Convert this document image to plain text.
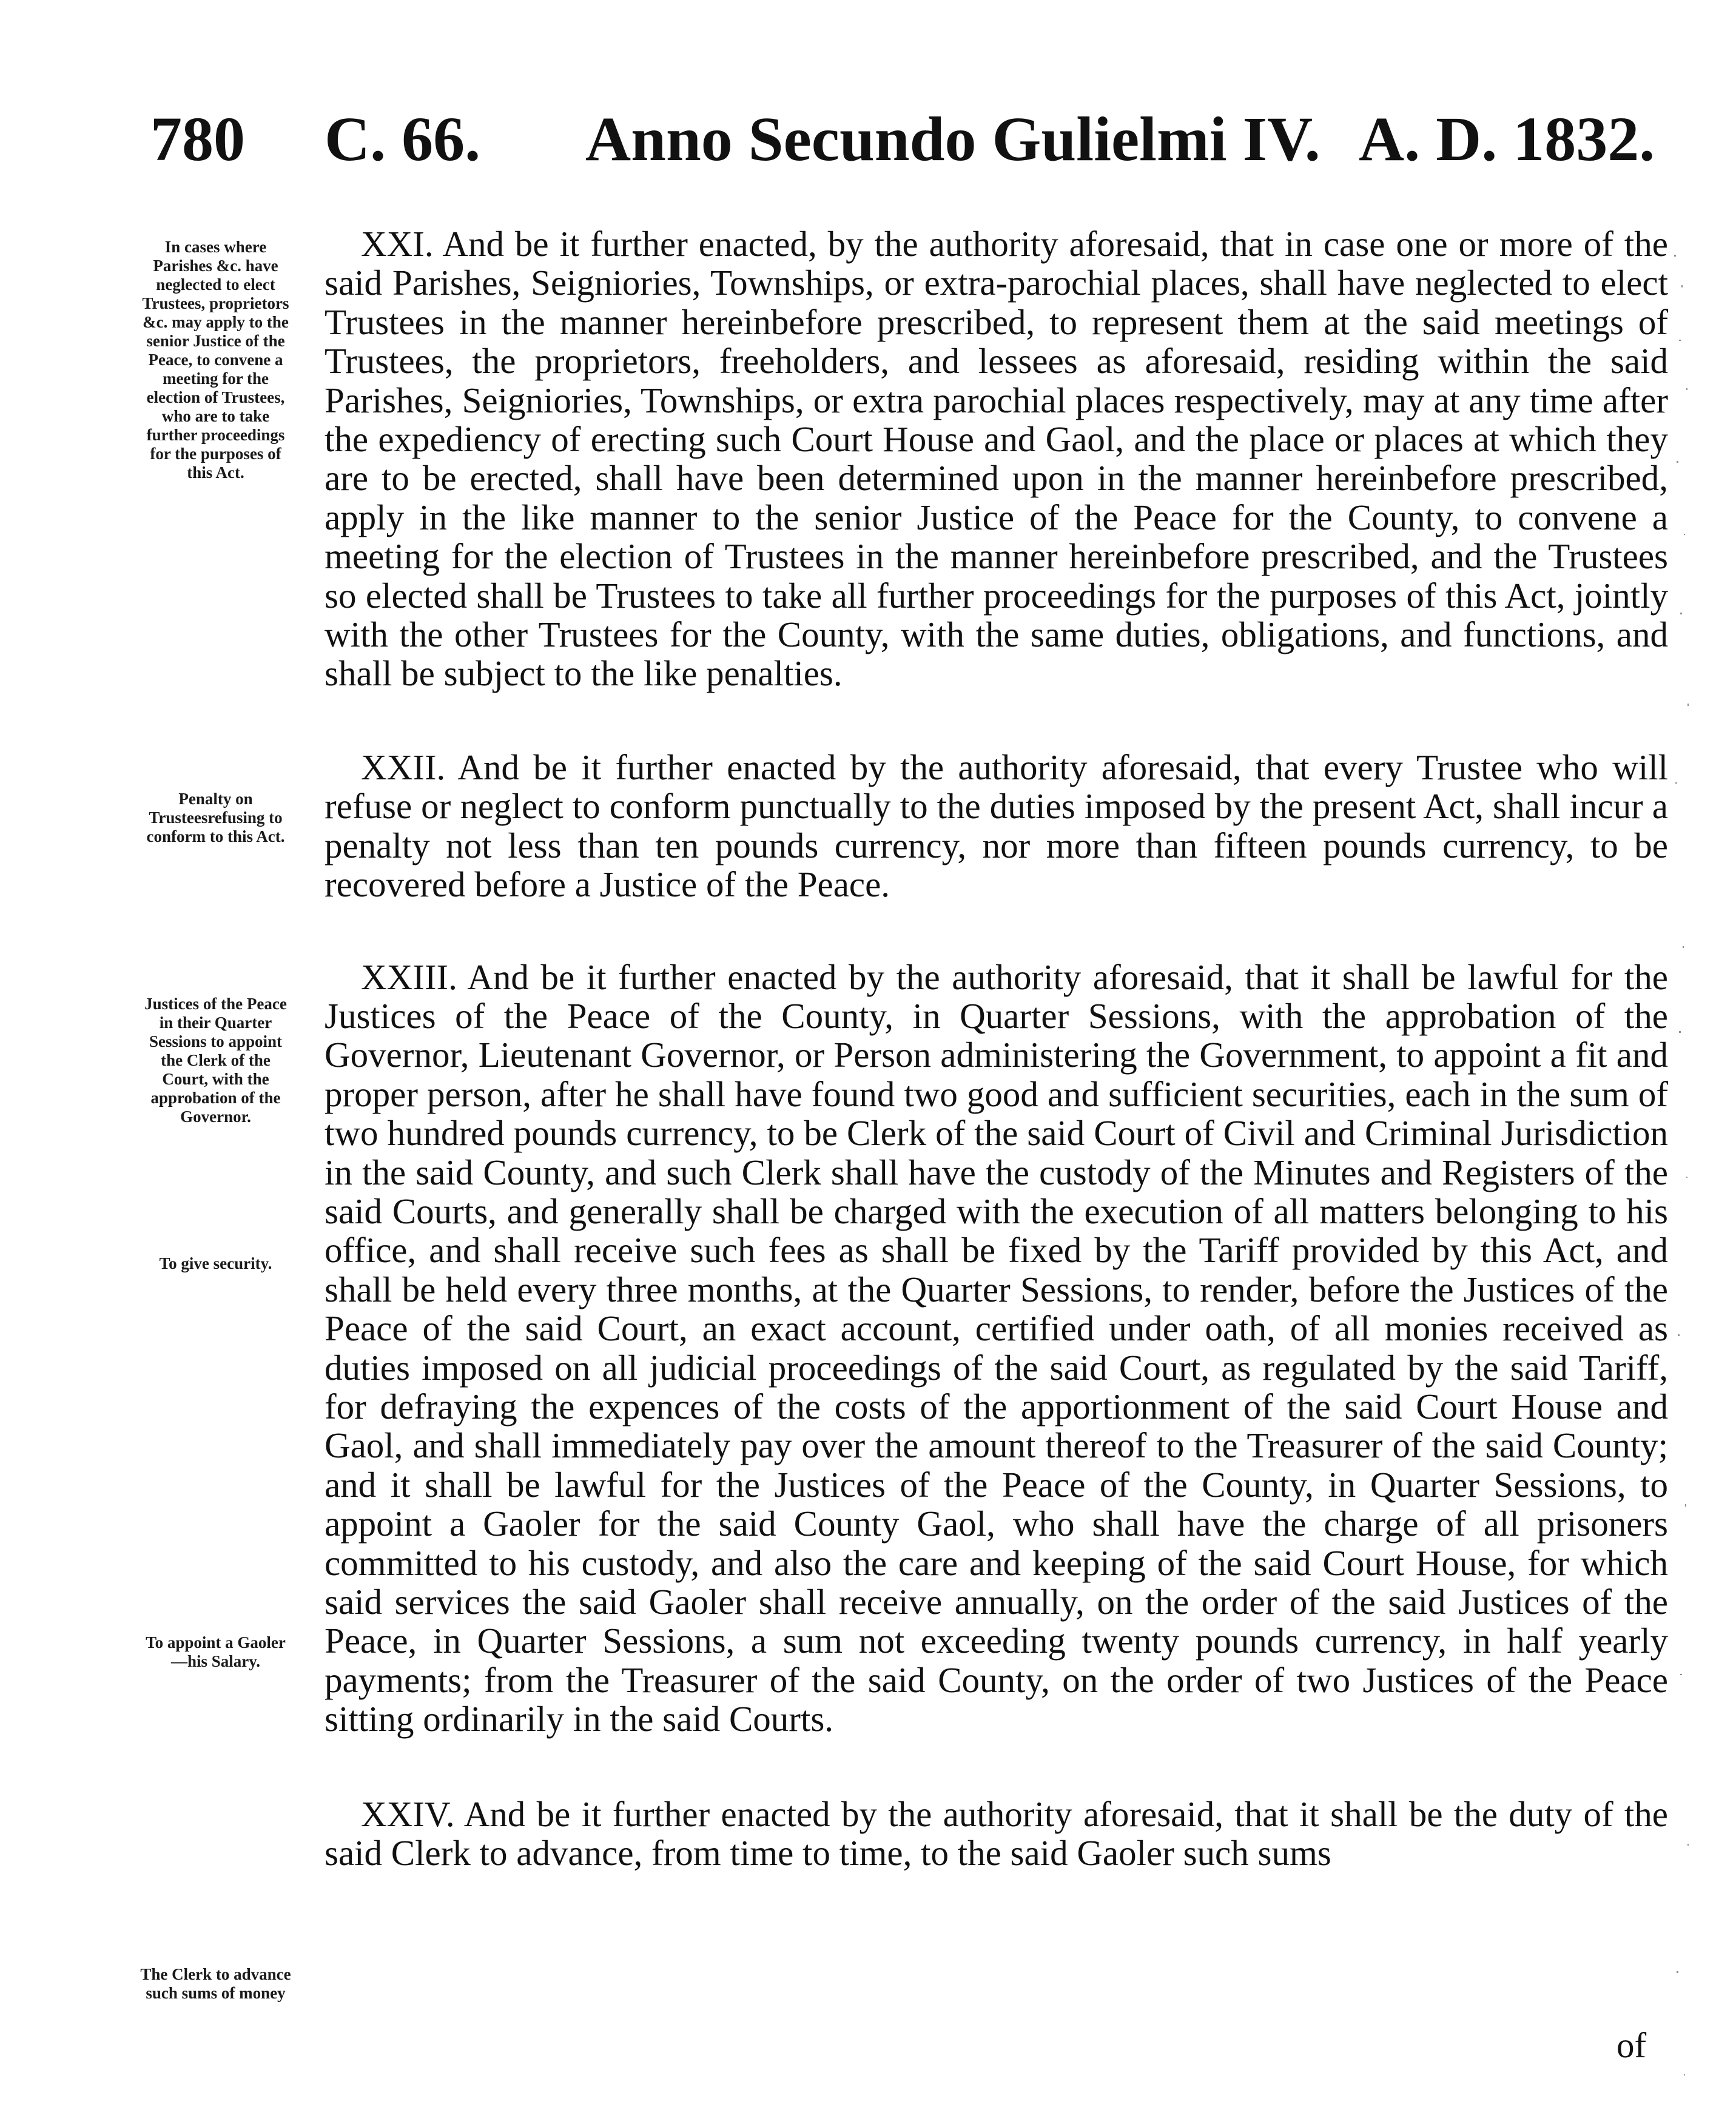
780 C. 66. Anno Secundo Gulielmi IV. A. D. 1832.
In cases where Parishes &c. have neglected to elect Trustees, proprietors &c. may apply to the senior Justice of the Peace, to convene a meeting for the election of Trustees, who are to take further proceedings for the purposes of this Act.
Penalty on Trusteesrefusing to conform to this Act.
Justices of the Peace in their Quarter Sessions to appoint the Clerk of the Court, with the approbation of the Governor.
To give security.
To appoint a Gaoler—his Salary.
The Clerk to advance such sums of money

XXI. And be it further enacted, by the authority aforesaid, that in case one or more of the said Parishes, Seigniories, Townships, or extra-parochial places, shall have neglected to elect Trustees in the manner hereinbefore prescribed, to represent them at the said meetings of Trustees, the proprietors, freeholders, and lessees as aforesaid, residing within the said Parishes, Seigniories, Townships, or extra parochial places respectively, may at any time after the expediency of erecting such Court House and Gaol, and the place or places at which they are to be erected, shall have been determined upon in the manner hereinbefore prescribed, apply in the like manner to the senior Justice of the Peace for the County, to convene a meeting for the election of Trustees in the manner hereinbefore prescribed, and the Trustees so elected shall be Trustees to take all further proceedings for the purposes of this Act, jointly with the other Trustees for the County, with the same duties, obligations, and functions, and shall be subject to the like penalties.

XXII. And be it further enacted by the authority aforesaid, that every Trustee who will refuse or neglect to conform punctually to the duties imposed by the present Act, shall incur a penalty not less than ten pounds currency, nor more than fifteen pounds currency, to be recovered before a Justice of the Peace.

XXIII. And be it further enacted by the authority aforesaid, that it shall be lawful for the Justices of the Peace of the County, in Quarter Sessions, with the approbation of the Governor, Lieutenant Governor, or Person administering the Government, to appoint a fit and proper person, after he shall have found two good and sufficient securities, each in the sum of two hundred pounds currency, to be Clerk of the said Court of Civil and Criminal Jurisdiction in the said County, and such Clerk shall have the custody of the Minutes and Registers of the said Courts, and generally shall be charged with the execution of all matters belonging to his office, and shall receive such fees as shall be fixed by the Tariff provided by this Act, and shall be held every three months, at the Quarter Sessions, to render, before the Justices of the Peace of the said Court, an exact account, certified under oath, of all monies received as duties imposed on all judicial proceedings of the said Court, as regulated by the said Tariff, for defraying the expences of the costs of the apportionment of the said Court House and Gaol, and shall immediately pay over the amount thereof to the Treasurer of the said County; and it shall be lawful for the Justices of the Peace of the County, in Quarter Sessions, to appoint a Gaoler for the said County Gaol, who shall have the charge of all prisoners committed to his custody, and also the care and keeping of the said Court House, for which said services the said Gaoler shall receive annually, on the order of the said Justices of the Peace, in Quarter Sessions, a sum not exceeding twenty pounds currency, in half yearly payments; from the Treasurer of the said County, on the order of two Justices of the Peace sitting ordinarily in the said Courts.

XXIV. And be it further enacted by the authority aforesaid, that it shall be the duty of the said Clerk to advance, from time to time, to the said Gaoler such sums

of
